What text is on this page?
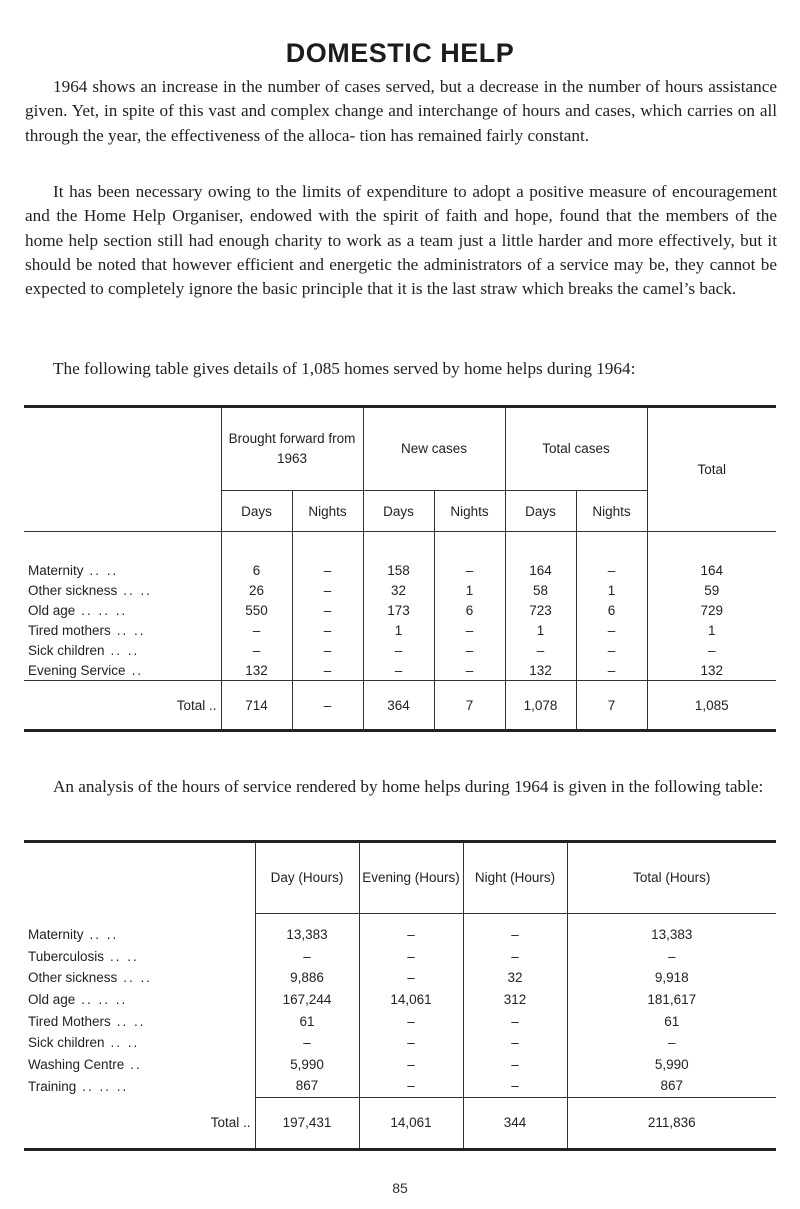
DOMESTIC HELP

1964 shows an increase in the number of cases served, but a decrease in the number of hours assistance given. Yet, in spite of this vast and complex change and interchange of hours and cases, which carries on all through the year, the effectiveness of the alloca- tion has remained fairly constant.

It has been necessary owing to the limits of expenditure to adopt a positive measure of encouragement and the Home Help Organiser, endowed with the spirit of faith and hope, found that the members of the home help section still had enough charity to work as a team just a little harder and more effectively, but it should be noted that however efficient and energetic the administrators of a service may be, they cannot be expected to completely ignore the basic principle that it is the last straw which breaks the camel’s back.

The following table gives details of 1,085 homes served by home helps during 1964:

	Brought forward from 1963		New cases		Total cases		Total
	Days	Nights	Days	Nights	Days	Nights	
Maternity .. ..	6	–	158	–	164	–	164
Other sickness .. ..	26	–	32	1	58	1	59
Old age .. .. ..	550	–	173	6	723	6	729
Tired mothers .. ..	–	–	1	–	1	–	1
Sick children .. ..	–	–	–	–	–	–	–
Evening Service ..	132	–	–	–	132	–	132
Total ..	714	–	364	7	1,078	7	1,085

An analysis of the hours of service rendered by home helps during 1964 is given in the following table:

	Day (Hours)	Evening (Hours)	Night (Hours)	Total (Hours)
Maternity .. ..	13,383	–	–	13,383
Tuberculosis .. ..	–	–	–	–
Other sickness .. ..	9,886	–	32	9,918
Old age .. .. ..	167,244	14,061	312	181,617
Tired Mothers .. ..	61	–	–	61
Sick children .. ..	–	–	–	–
Washing Centre ..	5,990	–	–	5,990
Training .. .. ..	867	–	–	867
Total ..	197,431	14,061	344	211,836
85
